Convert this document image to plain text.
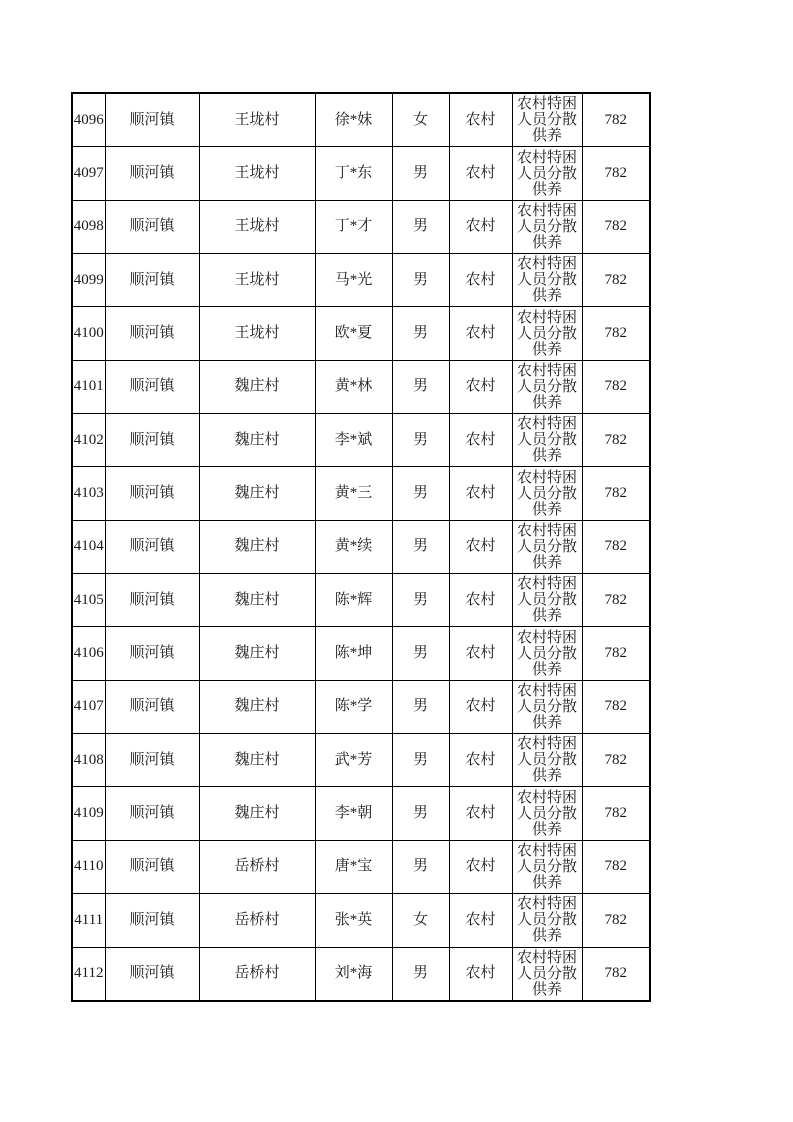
4096	顺河镇	王垅村	徐*妹	女	农村	农村特困人员分散供养	782
4097	顺河镇	王垅村	丁*东	男	农村	农村特困人员分散供养	782
4098	顺河镇	王垅村	丁*才	男	农村	农村特困人员分散供养	782
4099	顺河镇	王垅村	马*光	男	农村	农村特困人员分散供养	782
4100	顺河镇	王垅村	欧*夏	男	农村	农村特困人员分散供养	782
4101	顺河镇	魏庄村	黄*林	男	农村	农村特困人员分散供养	782
4102	顺河镇	魏庄村	李*斌	男	农村	农村特困人员分散供养	782
4103	顺河镇	魏庄村	黄*三	男	农村	农村特困人员分散供养	782
4104	顺河镇	魏庄村	黄*续	男	农村	农村特困人员分散供养	782
4105	顺河镇	魏庄村	陈*辉	男	农村	农村特困人员分散供养	782
4106	顺河镇	魏庄村	陈*坤	男	农村	农村特困人员分散供养	782
4107	顺河镇	魏庄村	陈*学	男	农村	农村特困人员分散供养	782
4108	顺河镇	魏庄村	武*芳	男	农村	农村特困人员分散供养	782
4109	顺河镇	魏庄村	李*朝	男	农村	农村特困人员分散供养	782
4110	顺河镇	岳桥村	唐*宝	男	农村	农村特困人员分散供养	782
4111	顺河镇	岳桥村	张*英	女	农村	农村特困人员分散供养	782
4112	顺河镇	岳桥村	刘*海	男	农村	农村特困人员分散供养	782
